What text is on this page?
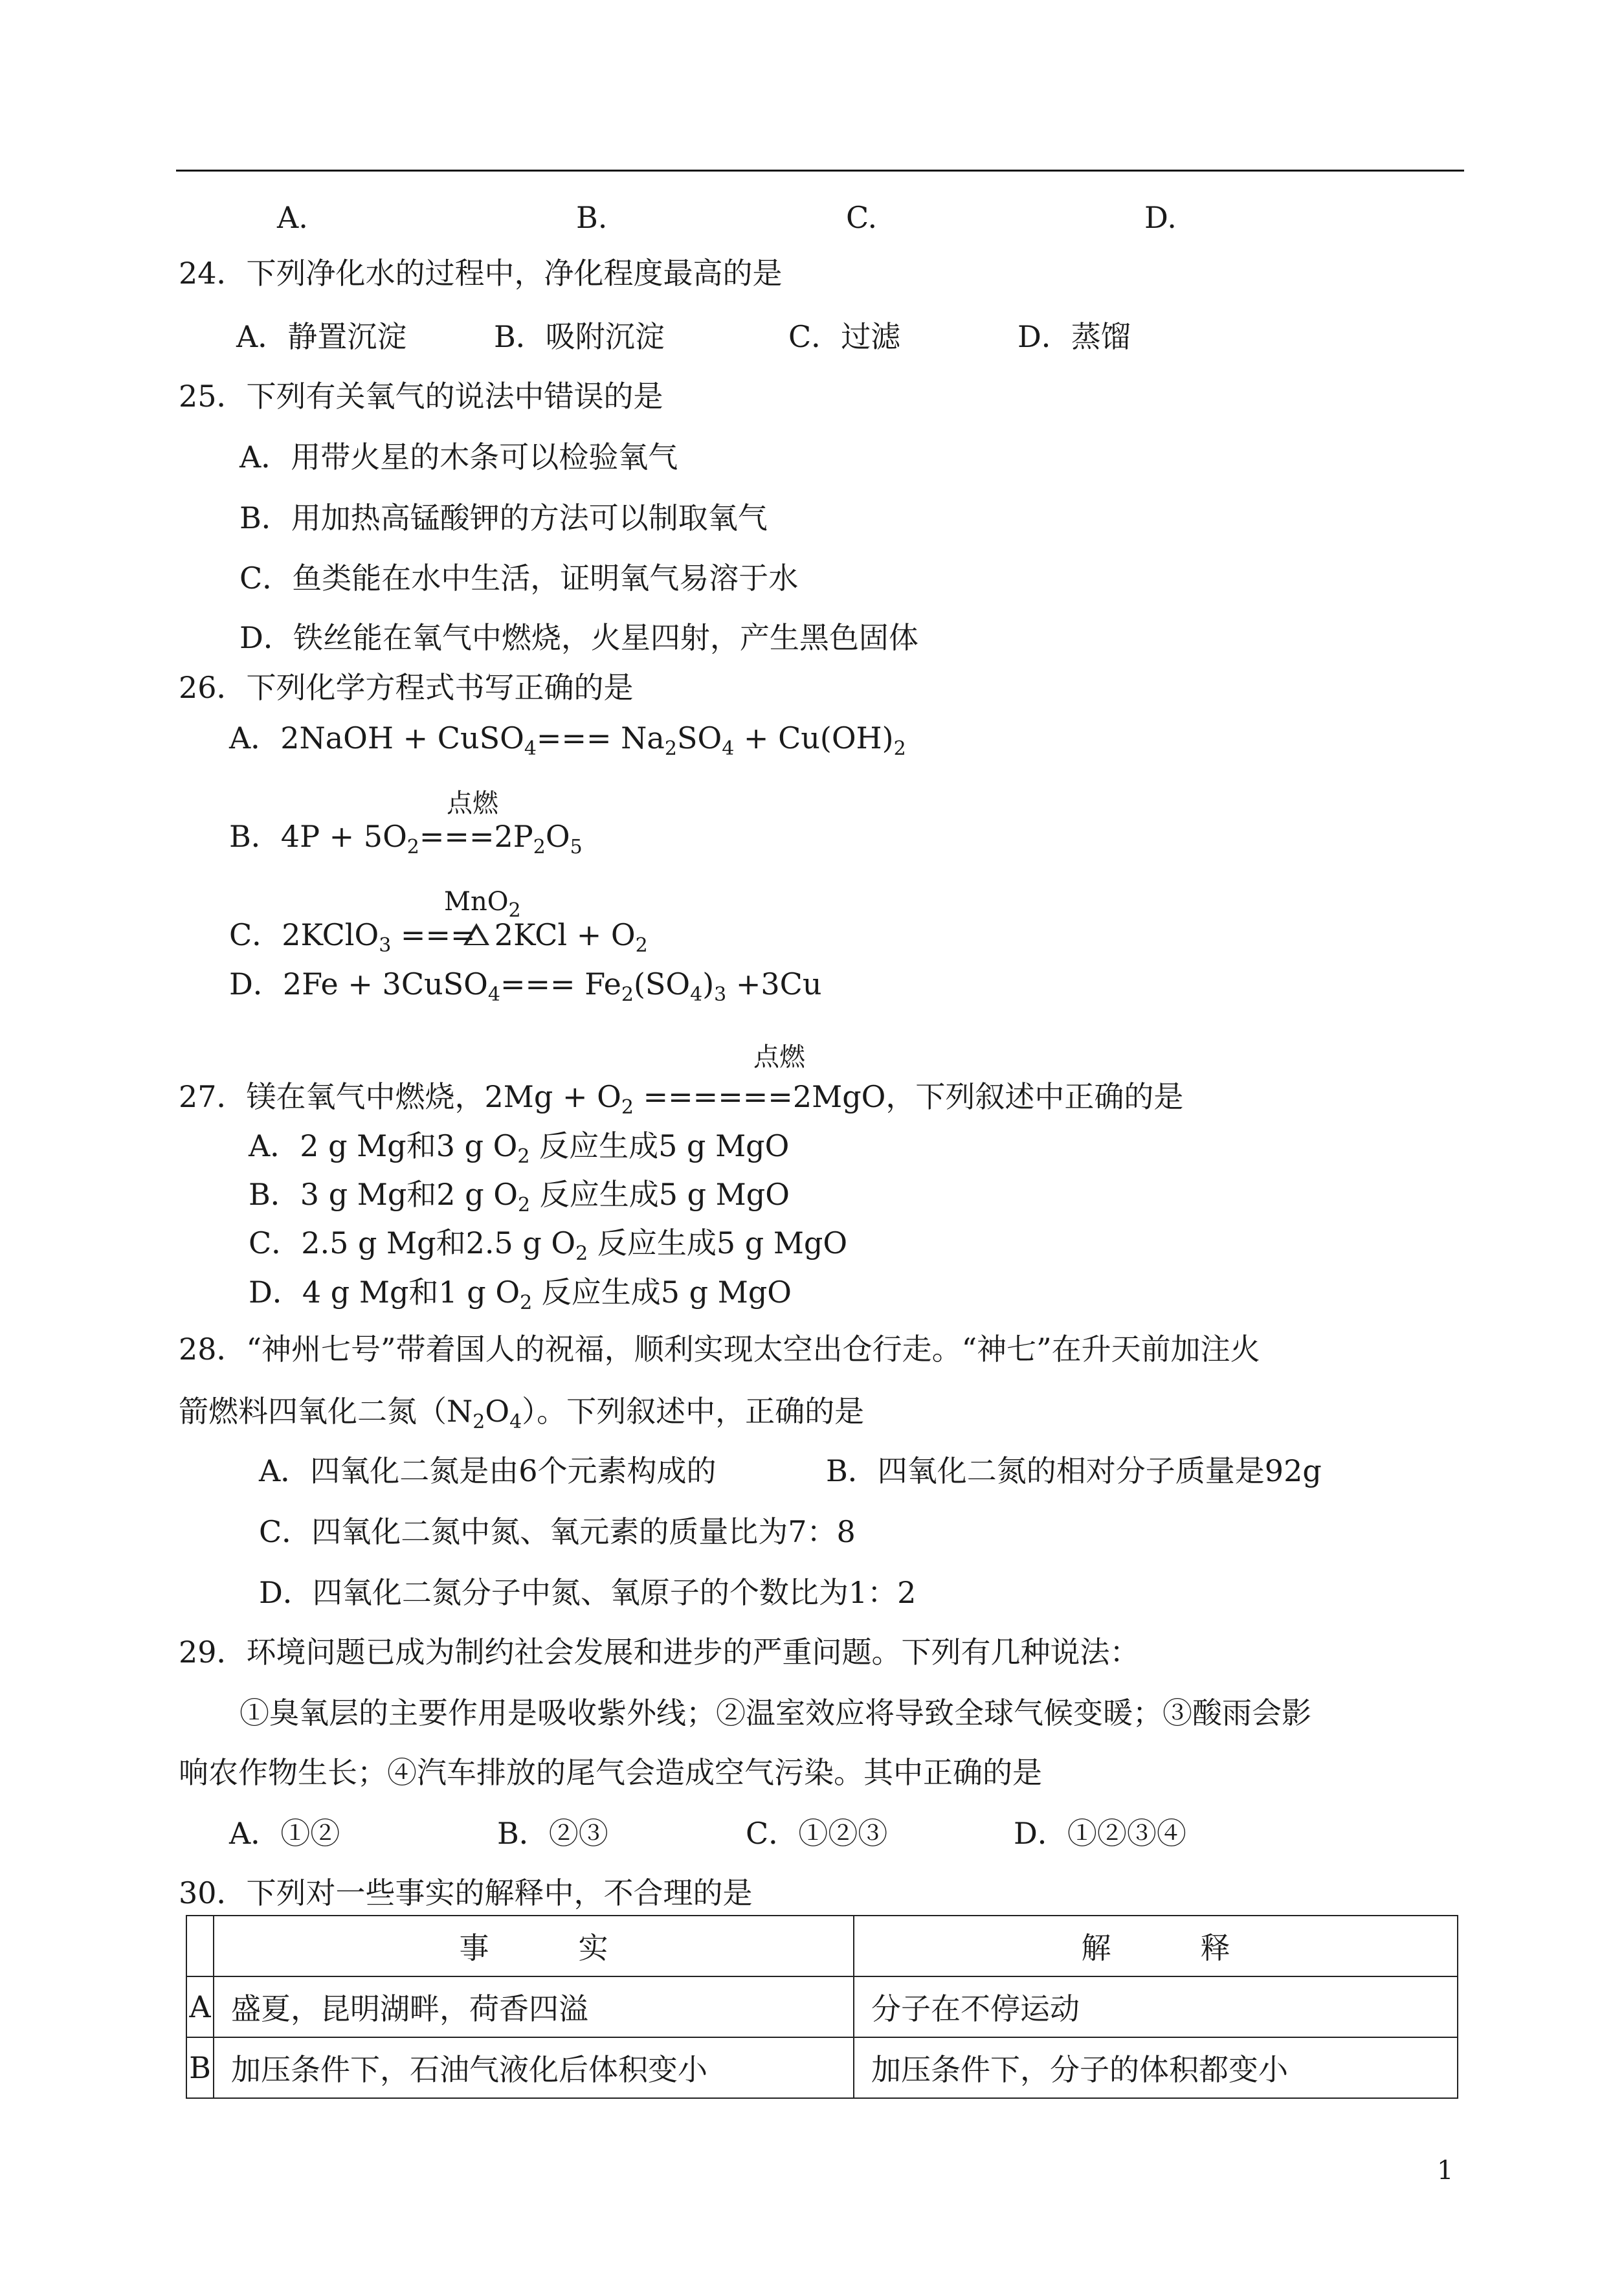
A.	B.	C.	D.
24．下列净化水的过程中，净化程度最高的是
A．静置沉淀	B．吸附沉淀	C．过滤	D．蒸馏
25．下列有关氧气的说法中错误的是
A．用带火星的木条可以检验氧气
B．用加热高锰酸钾的方法可以制取氧气
C．鱼类能在水中生活，证明氧气易溶于水
D．铁丝能在氧气中燃烧，火星四射，产生黑色固体
26．下列化学方程式书写正确的是
A．2NaOH + CuSO$_4$=== $Na_2SO_4 + Cu(OH)_2$
点燃
B．$4P + 5O_2===2P_2O_5$
MnO$_2$
C．2KClO$_3$ ===  $2KCl + O_2$
D．2Fe + 3CuSO$_4$=== $Fe_2(SO_4)_3 +3Cu$
点燃
27．镁在氧气中燃烧，$2Mg + O_2 ======2MgO$，下列叙述中正确的是
A．2 g Mg和3 g $O_2$ 反应生成5 g MgO
B．3 g Mg和2 g $O_2$ 反应生成5 g MgO
C．2.5 g Mg和2.5 g $O_2$ 反应生成5 g MgO
D．4 g Mg和1 g $O_2$ 反应生成5 g MgO
28．“神州七号”带着国人的祝福，顺利实现太空出仓行走。“神七”在升天前加注火
箭燃料四氧化二氮$(N_2O_4)$。下列叙述中，正确的是
A．四氧化二氮是由6个元素构成的	B．四氧化二氮的相对分子质量是92g
C．四氧化二氮中氮、氧元素的质量比为7：8
D．四氧化二氮分子中氮、氧原子的个数比为1：2
29．环境问题已成为制约社会发展和进步的严重问题。下列有几种说法：
①臭氧层的主要作用是吸收紫外线；②温室效应将导致全球气候变暖；③酸雨会影
响农作物生长；④汽车排放的尾气会造成空气污染。其中正确的是
A．①②	B．②③	C．①②③	D．①②③④
30．下列对一些事实的解释中，不合理的是
	事　　　实	解　　　释
A	盛夏，昆明湖畔，荷香四溢	分子在不停运动
B	加压条件下，石油气液化后体积变小	加压条件下，分子的体积都变小
1
